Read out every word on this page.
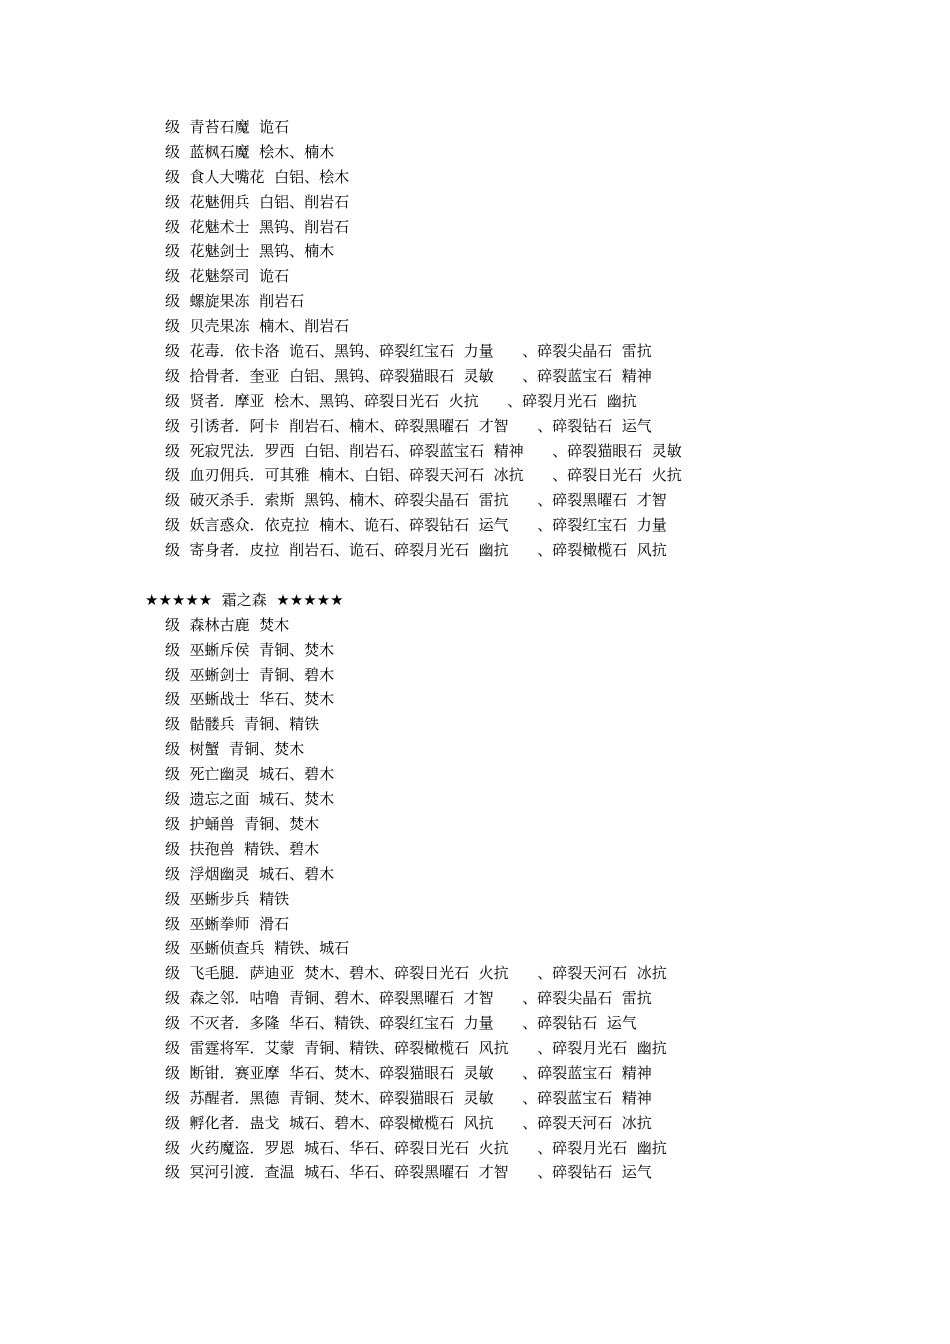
级  青苔石魔  诡石
级  蓝枫石魔  桧木、楠木
级  食人大嘴花  白铝、桧木
级  花魅佣兵  白铝、削岩石
级  花魅术士  黑钨、削岩石
级  花魅剑士  黑钨、楠木
级  花魅祭司  诡石
级  螺旋果冻  削岩石
级  贝壳果冻  楠木、削岩石
级  花毒．依卡洛  诡石、黑钨、碎裂红宝石  力量      、碎裂尖晶石  雷抗
级  拾骨者．奎亚  白铝、黑钨、碎裂猫眼石  灵敏      、碎裂蓝宝石  精神
级  贤者．摩亚  桧木、黑钨、碎裂日光石  火抗      、碎裂月光石  幽抗
级  引诱者．阿卡  削岩石、楠木、碎裂黑曜石  才智      、碎裂钻石  运气
级  死寂咒法．罗西  白铝、削岩石、碎裂蓝宝石  精神      、碎裂猫眼石  灵敏
级  血刃佣兵．可其雅  楠木、白铝、碎裂天河石  冰抗      、碎裂日光石  火抗
级  破灭杀手．索斯  黑钨、楠木、碎裂尖晶石  雷抗      、碎裂黑曜石  才智
级  妖言惑众．依克拉  楠木、诡石、碎裂钻石  运气      、碎裂红宝石  力量
级  寄身者．皮拉  削岩石、诡石、碎裂月光石  幽抗      、碎裂橄榄石  风抗
★★★★★  霜之森  ★★★★★
级  森林古鹿  焚木
级  巫蜥斥侯  青铜、焚木
级  巫蜥剑士  青铜、碧木
级  巫蜥战士  华石、焚木
级  骷髅兵  青铜、精铁
级  树蟹  青铜、焚木
级  死亡幽灵  城石、碧木
级  遗忘之面  城石、焚木
级  护蛹兽  青铜、焚木
级  扶孢兽  精铁、碧木
级  浮烟幽灵  城石、碧木
级  巫蜥步兵  精铁
级  巫蜥拳师  滑石
级  巫蜥侦查兵  精铁、城石
级  飞毛腿．萨迪亚  焚木、碧木、碎裂日光石  火抗      、碎裂天河石  冰抗
级  森之邻．咕噜  青铜、碧木、碎裂黑曜石  才智      、碎裂尖晶石  雷抗
级  不灭者．多隆  华石、精铁、碎裂红宝石  力量      、碎裂钻石  运气
级  雷霆将军．艾蒙  青铜、精铁、碎裂橄榄石  风抗      、碎裂月光石  幽抗
级  断钳．赛亚摩  华石、焚木、碎裂猫眼石  灵敏      、碎裂蓝宝石  精神
级  苏醒者．黑德  青铜、焚木、碎裂猫眼石  灵敏      、碎裂蓝宝石  精神
级  孵化者．蛊戈  城石、碧木、碎裂橄榄石  风抗      、碎裂天河石  冰抗
级  火药魔盗．罗恩  城石、华石、碎裂日光石  火抗      、碎裂月光石  幽抗
级  冥河引渡．查温  城石、华石、碎裂黑曜石  才智      、碎裂钻石  运气
